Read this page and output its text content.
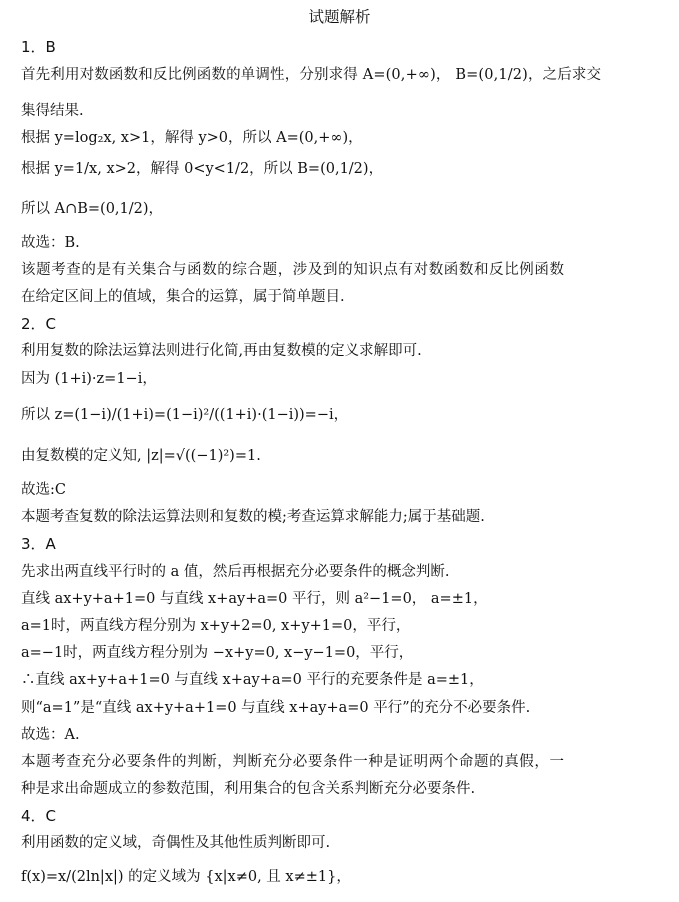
试题解析
1．B
首先利用对数函数和反比例函数的单调性，分别求得 A=(0,+∞)， B=(0,1/2)，之后求交
集得结果.
根据 y=log₂x, x>1，解得 y>0，所以 A=(0,+∞)，
根据 y=1/x, x>2，解得 0<y<1/2，所以 B=(0,1/2)，
所以 A∩B=(0,1/2)，
故选：B.
该题考查的是有关集合与函数的综合题，涉及到的知识点有对数函数和反比例函数
在给定区间上的值域，集合的运算，属于简单题目.
2．C
利用复数的除法运算法则进行化简,再由复数模的定义求解即可.
因为 (1+i)·z=1−i，
所以 z=(1−i)/(1+i)=(1−i)²/((1+i)·(1−i))=−i，
由复数模的定义知, |z|=√((−1)²)=1.
故选:C
本题考查复数的除法运算法则和复数的模;考查运算求解能力;属于基础题.
3．A
先求出两直线平行时的 a 值，然后再根据充分必要条件的概念判断.
直线 ax+y+a+1=0 与直线 x+ay+a=0 平行，则 a²−1=0， a=±1，
a=1时，两直线方程分别为 x+y+2=0, x+y+1=0，平行，
a=−1时，两直线方程分别为 −x+y=0, x−y−1=0，平行，
∴直线 ax+y+a+1=0 与直线 x+ay+a=0 平行的充要条件是 a=±1，
则“a=1”是“直线 ax+y+a+1=0 与直线 x+ay+a=0 平行”的充分不必要条件.
故选：A.
本题考查充分必要条件的判断，判断充分必要条件一种是证明两个命题的真假，一
种是求出命题成立的参数范围，利用集合的包含关系判断充分必要条件.
4．C
利用函数的定义域，奇偶性及其他性质判断即可.
f(x)=x/(2ln|x|) 的定义域为 {x|x≠0, 且 x≠±1}，
